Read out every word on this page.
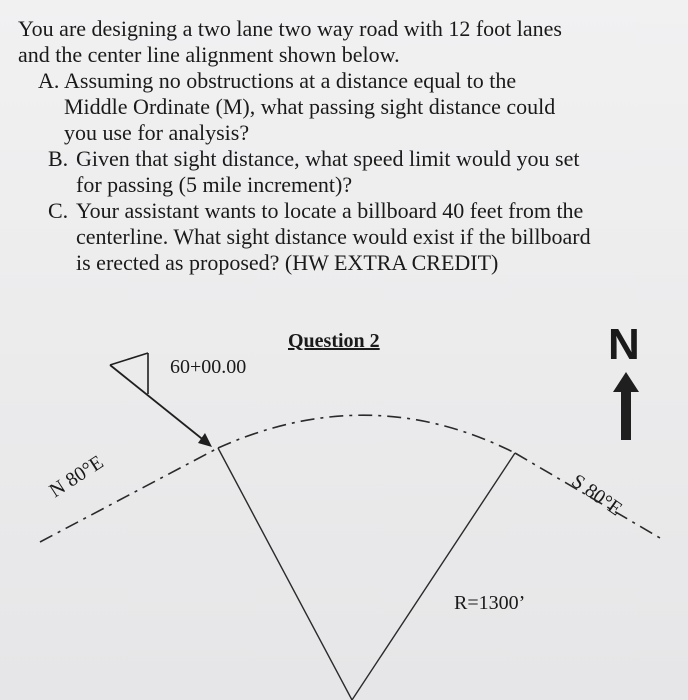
You are designing a two lane two way road with 12 foot lanes
and the center line alignment shown below.
A. Assuming no obstructions at a distance equal to the
Middle Ordinate (M), what passing sight distance could
you use for analysis?
B. Given that sight distance, what speed limit would you set
for passing (5 mile increment)?
C. Your assistant wants to locate a billboard 40 feet from the
centerline. What sight distance would exist if the billboard
is erected as proposed? (HW EXTRA CREDIT)
Question 2
60+00.00
N 80°E	S 80°E
R=1300’
N
